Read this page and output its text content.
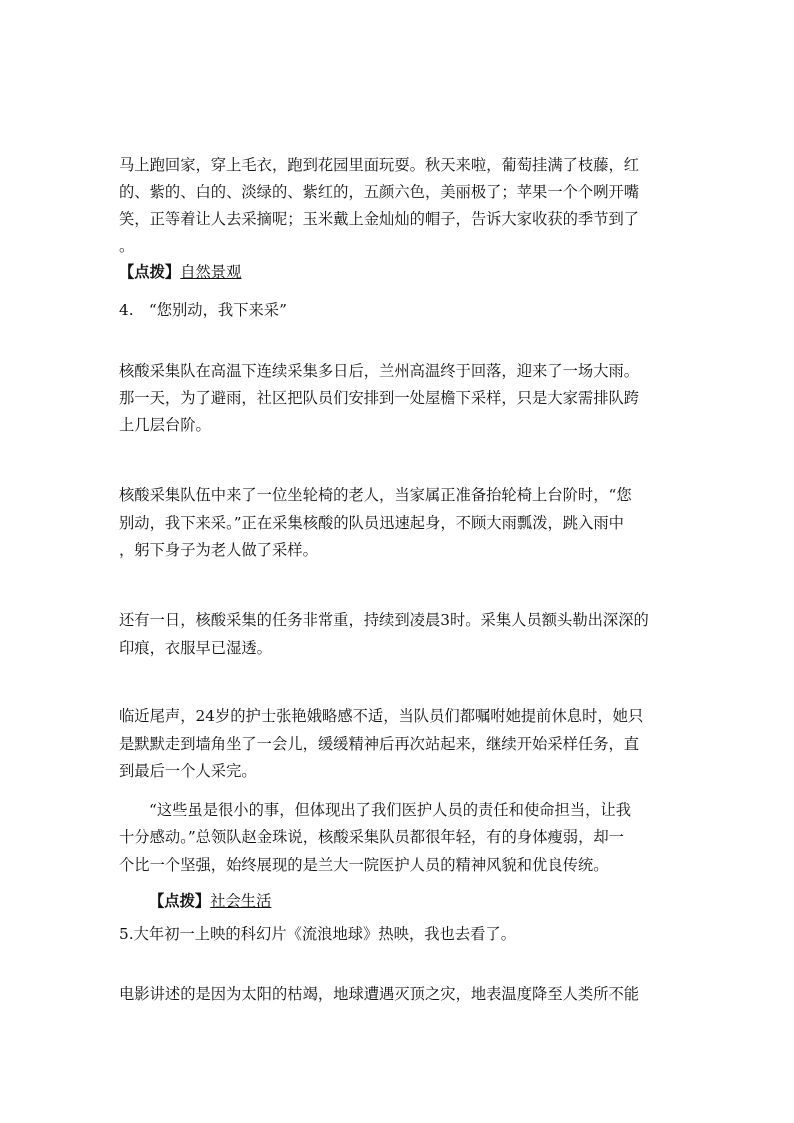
马上跑回家，穿上毛衣，跑到花园里面玩耍。秋天来啦，葡萄挂满了枝藤，红
的、紫的、白的、淡绿的、紫红的，五颜六色，美丽极了；苹果一个个咧开嘴
笑，正等着让人去采摘呢；玉米戴上金灿灿的帽子，告诉大家收获的季节到了
。
【点拨】自然景观
4.　“您别动，我下来采”
核酸采集队在高温下连续采集多日后，兰州高温终于回落，迎来了一场大雨。
那一天，为了避雨，社区把队员们安排到一处屋檐下采样，只是大家需排队跨
上几层台阶。
核酸采集队伍中来了一位坐轮椅的老人，当家属正准备抬轮椅上台阶时，“您
别动，我下来采。”正在采集核酸的队员迅速起身，不顾大雨瓢泼，跳入雨中
，躬下身子为老人做了采样。
还有一日，核酸采集的任务非常重，持续到凌晨3时。采集人员额头勒出深深的
印痕，衣服早已湿透。
临近尾声，24岁的护士张艳娥略感不适，当队员们都嘱咐她提前休息时，她只
是默默走到墙角坐了一会儿，缓缓精神后再次站起来，继续开始采样任务，直
到最后一个人采完。
“这些虽是很小的事，但体现出了我们医护人员的责任和使命担当，让我
十分感动。”总领队赵金珠说，核酸采集队员都很年轻，有的身体瘦弱，却一
个比一个坚强，始终展现的是兰大一院医护人员的精神风貌和优良传统。
【点拨】社会生活
5.大年初一上映的科幻片《流浪地球》热映，我也去看了。
电影讲述的是因为太阳的枯竭，地球遭遇灭顶之灾，地表温度降至人类所不能
